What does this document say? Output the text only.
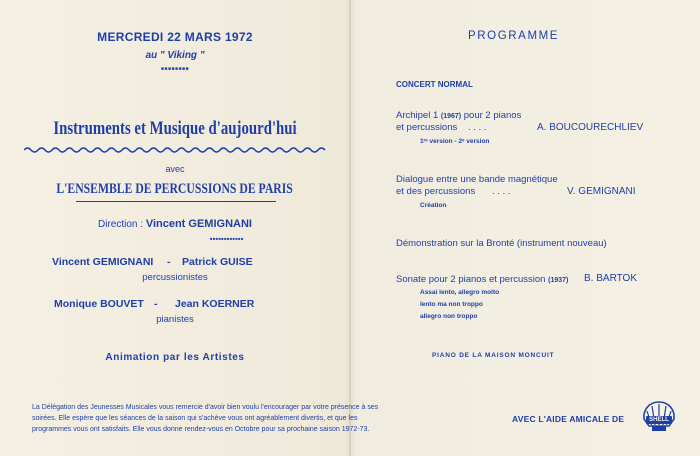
MERCREDI 22 MARS 1972
au " Viking "
■■■■■■■■
Instruments et Musique d'aujourd'hui
avec
L'ENSEMBLE DE PERCUSSIONS DE PARIS
Direction : Vincent GEMIGNANI
■■■■■■■■■■■■
Vincent GEMIGNANI - Patrick GUISE
percussionistes
Monique BOUVET - Jean KOERNER
pianistes
Animation par les Artistes
La Délégation des Jeunesses Musicales vous remercie d'avoir bien voulu l'encourager par votre présence à ses
soirées. Elle espère que les séances de la saison qui s'achève vous ont agréablement divertis, et que les
programmes vous ont satisfaits. Elle vous donne rendez-vous en Octobre pour sa prochaine saison 1972-73.
PROGRAMME
CONCERT NORMAL
Archipel 1 (1967) pour 2 pianos
et percussions . . . .	A. BOUCOURECHLIEV
1ʳᵉ version - 2ᵉ version
Dialogue entre une bande magnétique
et des percussions . . . .	V. GEMIGNANI
Création
Démonstration sur la Bronté (instrument nouveau)
Sonate pour 2 pianos et percussion (1937) B. BARTOK
Assai lento, allegro molto
lento ma non troppo
allegro non troppo
PIANO DE LA MAISON MONCUIT
AVEC L'AIDE AMICALE DE	SHELL
